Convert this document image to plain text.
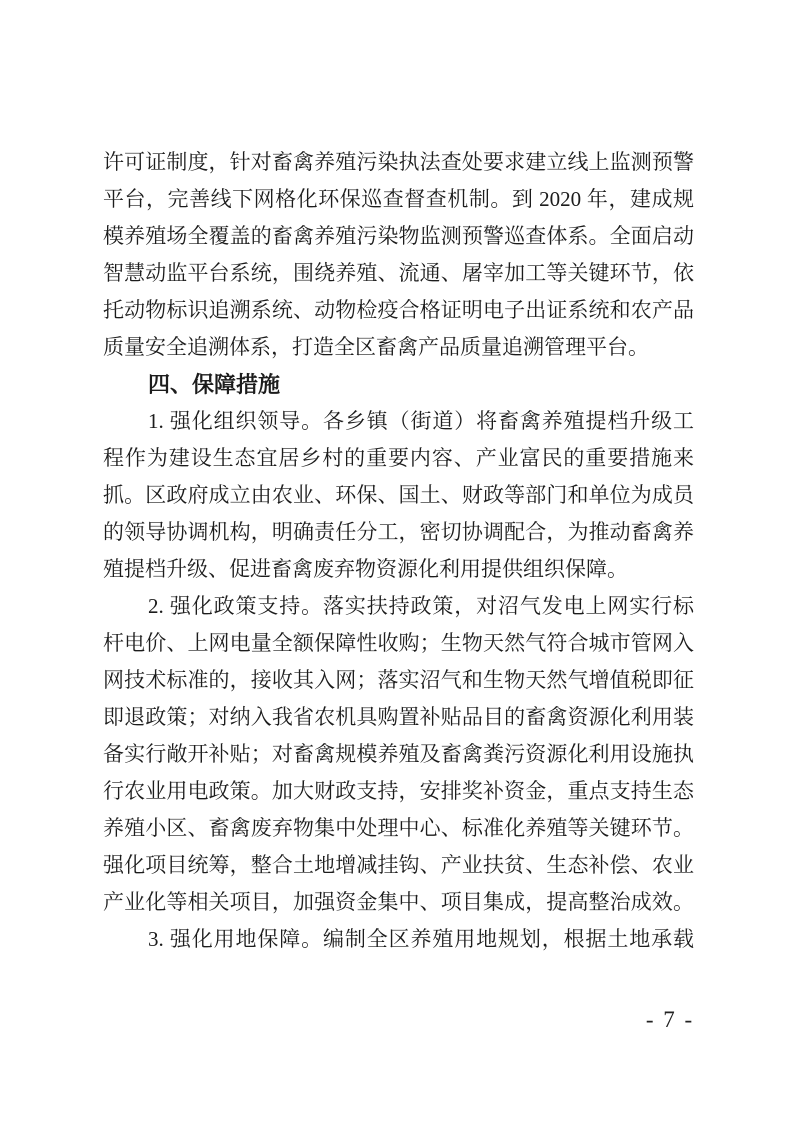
许可证制度，针对畜禽养殖污染执法查处要求建立线上监测预警
平台，完善线下网格化环保巡查督查机制。到 2020 年，建成规
模养殖场全覆盖的畜禽养殖污染物监测预警巡查体系。全面启动
智慧动监平台系统，围绕养殖、流通、屠宰加工等关键环节，依
托动物标识追溯系统、动物检疫合格证明电子出证系统和农产品
质量安全追溯体系，打造全区畜禽产品质量追溯管理平台。
四、保障措施
1. 强化组织领导。各乡镇（街道）将畜禽养殖提档升级工
程作为建设生态宜居乡村的重要内容、产业富民的重要措施来
抓。区政府成立由农业、环保、国土、财政等部门和单位为成员
的领导协调机构，明确责任分工，密切协调配合，为推动畜禽养
殖提档升级、促进畜禽废弃物资源化利用提供组织保障。
2. 强化政策支持。落实扶持政策，对沼气发电上网实行标
杆电价、上网电量全额保障性收购；生物天然气符合城市管网入
网技术标准的，接收其入网；落实沼气和生物天然气增值税即征
即退政策；对纳入我省农机具购置补贴品目的畜禽资源化利用装
备实行敞开补贴；对畜禽规模养殖及畜禽粪污资源化利用设施执
行农业用电政策。加大财政支持，安排奖补资金，重点支持生态
养殖小区、畜禽废弃物集中处理中心、标准化养殖等关键环节。
强化项目统筹，整合土地增减挂钩、产业扶贫、生态补偿、农业
产业化等相关项目，加强资金集中、项目集成，提高整治成效。
3. 强化用地保障。编制全区养殖用地规划，根据土地承载
- 7 -
